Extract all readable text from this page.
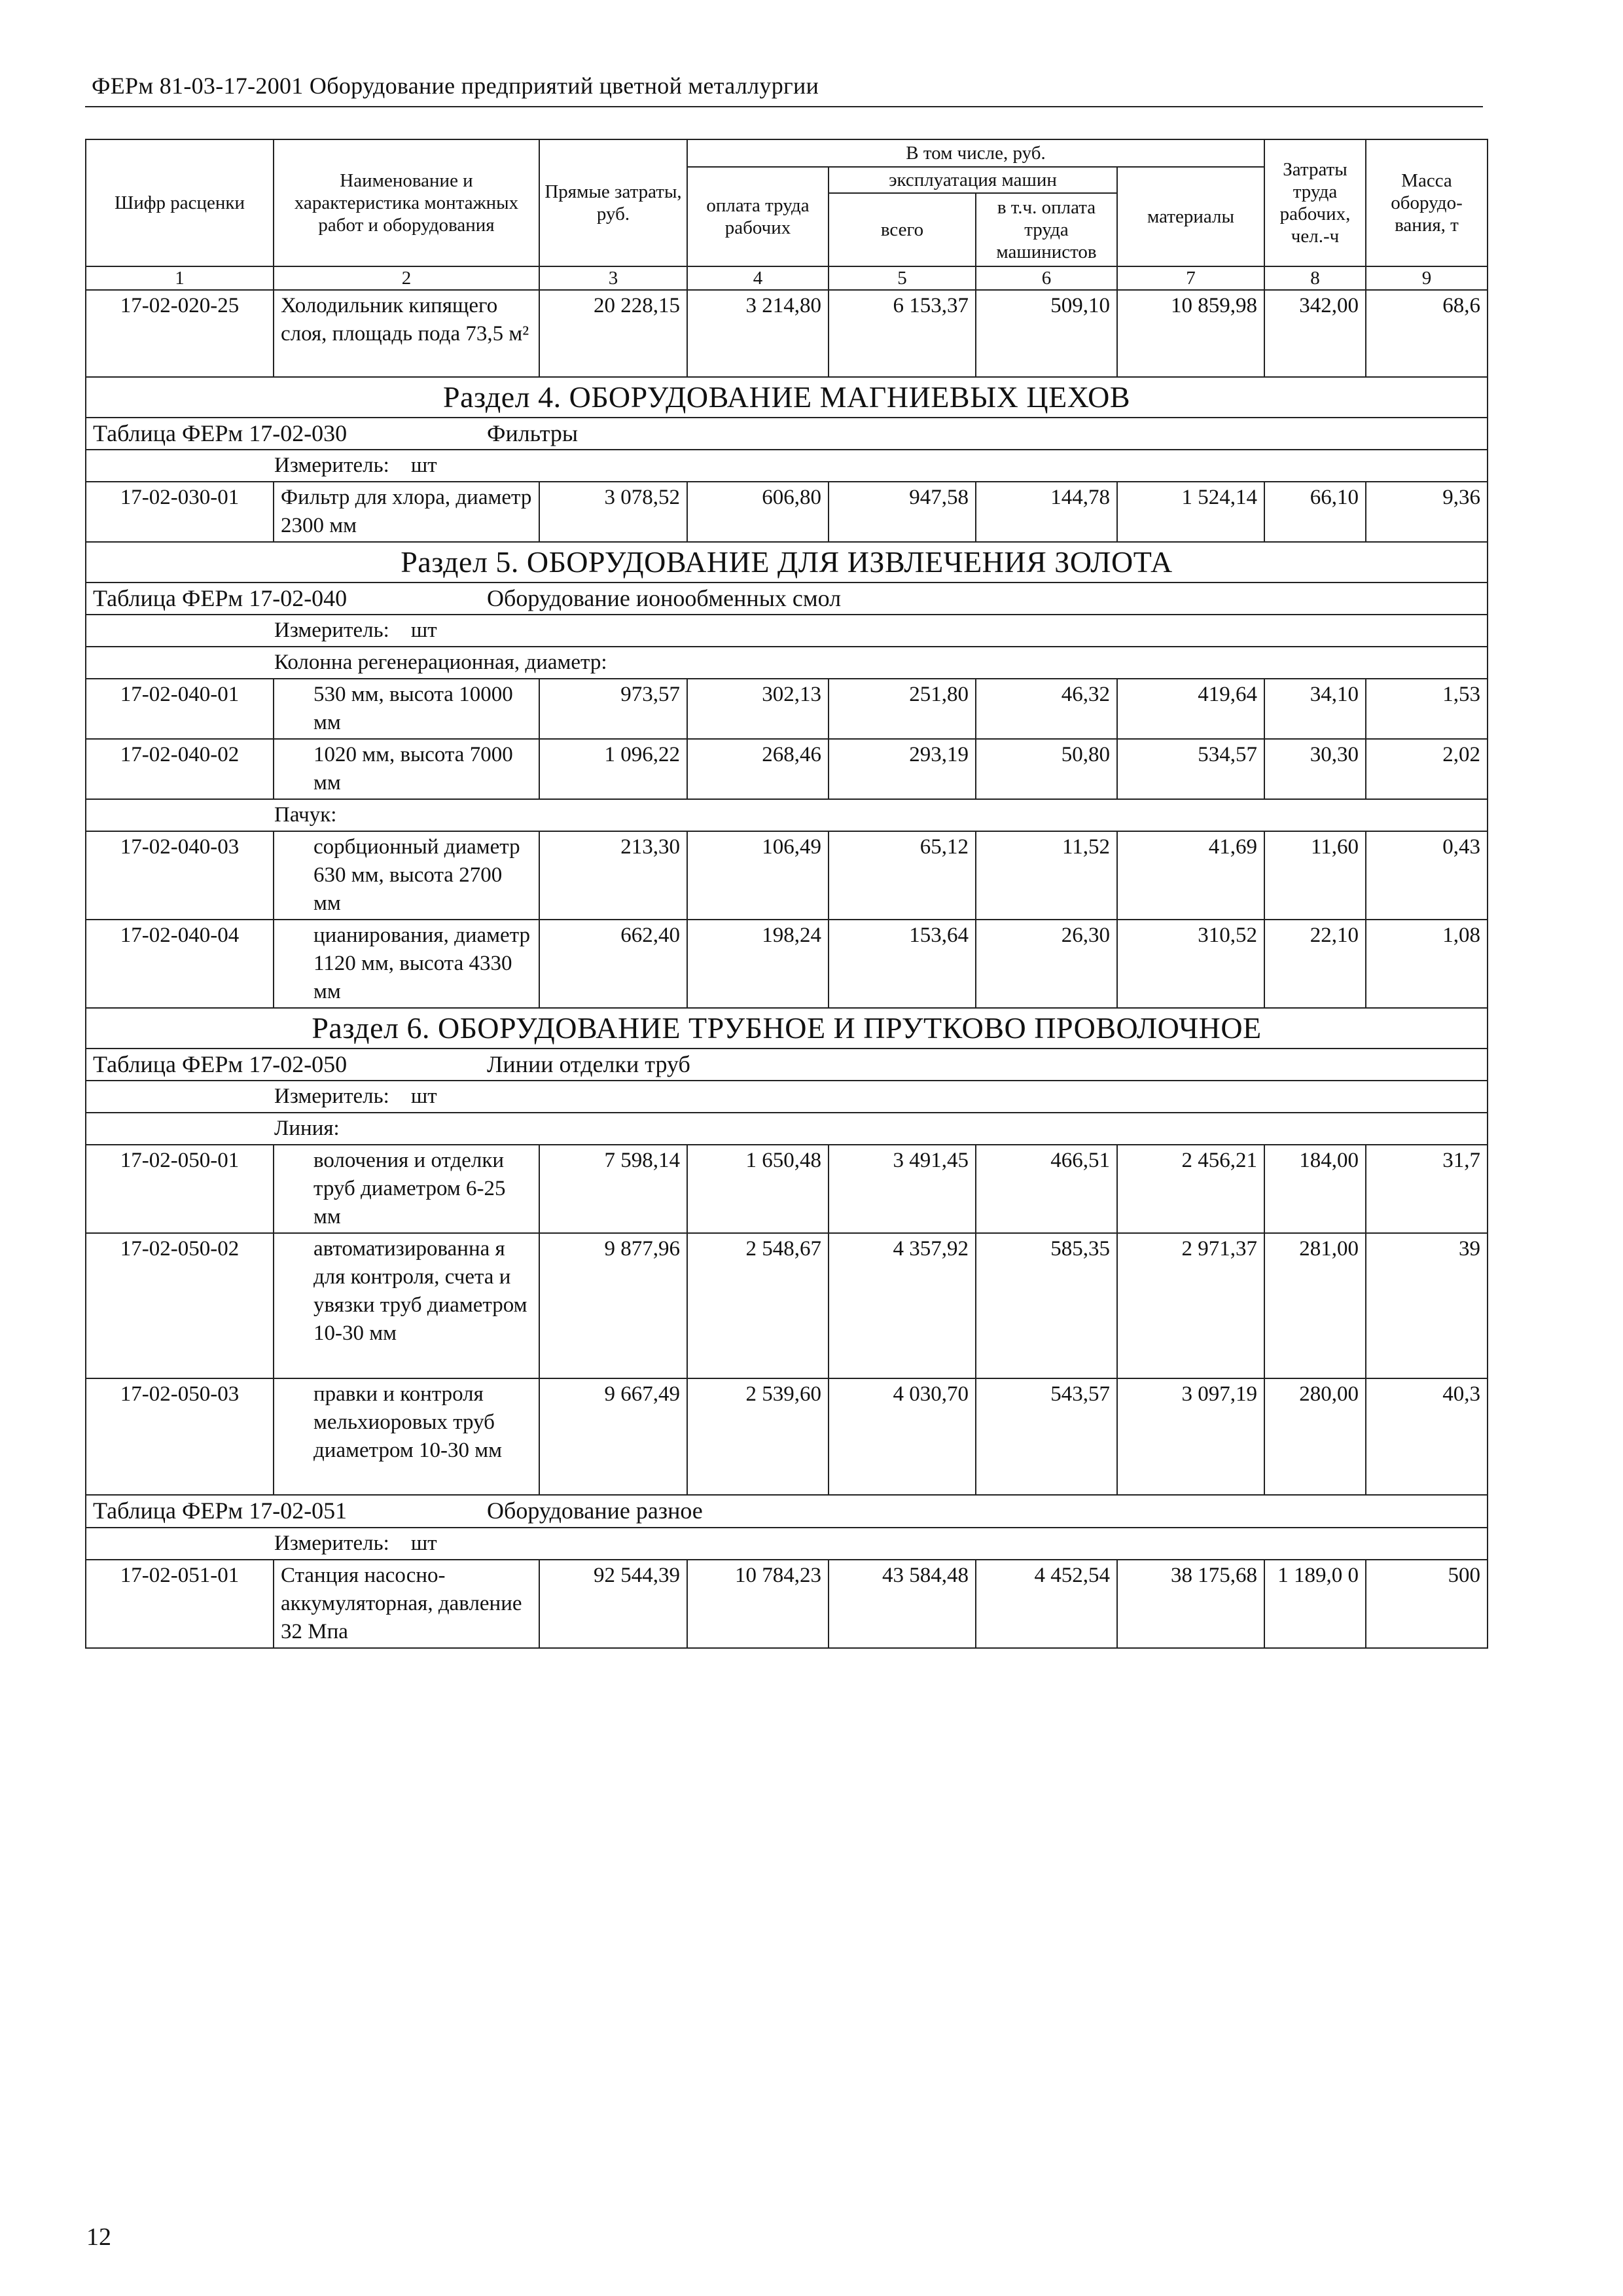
ФЕРм 81-03-17-2001 Оборудование предприятий цветной металлургии
Шифр расценки	Наименование и характеристика монтажных работ и оборудования	Прямые затраты, руб.	В том числе, руб.				Затраты труда рабочих, чел.-ч	Масса оборудо-вания, т
			оплата труда рабочих	эксплуатация машин		материалы		
				всего	в т.ч. оплата труда машинистов			
1	2	3	4	5	6	7	8	9
17-02-020-25	Холодильник кипящего слоя, площадь пода 73,5 м²	20 228,15	3 214,80	6 153,37	509,10	10 859,98	342,00	68,6
Раздел 4. ОБОРУДОВАНИЕ МАГНИЕВЫХ ЦЕХОВ								
Таблица ФЕРм 17-02-030 Фильтры								
Измеритель: шт								
17-02-030-01	Фильтр для хлора, диаметр 2300 мм	3 078,52	606,80	947,58	144,78	1 524,14	66,10	9,36
Раздел 5. ОБОРУДОВАНИЕ ДЛЯ ИЗВЛЕЧЕНИЯ ЗОЛОТА								
Таблица ФЕРм 17-02-040 Оборудование ионообменных смол								
Измеритель: шт								
Колонна регенерационная, диаметр:								
17-02-040-01	530 мм, высота 10000 мм	973,57	302,13	251,80	46,32	419,64	34,10	1,53
17-02-040-02	1020 мм, высота 7000 мм	1 096,22	268,46	293,19	50,80	534,57	30,30	2,02
Пачук:								
17-02-040-03	сорбционный диаметр 630 мм, высота 2700 мм	213,30	106,49	65,12	11,52	41,69	11,60	0,43
17-02-040-04	цианирования, диаметр 1120 мм, высота 4330 мм	662,40	198,24	153,64	26,30	310,52	22,10	1,08
Раздел 6. ОБОРУДОВАНИЕ ТРУБНОЕ И ПРУТКОВО ПРОВОЛОЧНОЕ								
Таблица ФЕРм 17-02-050 Линии отделки труб								
Измеритель: шт								
Линия:								
17-02-050-01	волочения и отделки труб диаметром 6-25 мм	7 598,14	1 650,48	3 491,45	466,51	2 456,21	184,00	31,7
17-02-050-02	автоматизированна я для контроля, счета и увязки труб диаметром 10-30 мм	9 877,96	2 548,67	4 357,92	585,35	2 971,37	281,00	39
17-02-050-03	правки и контроля мельхиоровых труб диаметром 10-30 мм	9 667,49	2 539,60	4 030,70	543,57	3 097,19	280,00	40,3
Таблица ФЕРм 17-02-051 Оборудование разное								
Измеритель: шт								
17-02-051-01	Станция насосно-аккумуляторная, давление 32 Мпа	92 544,39	10 784,23	43 584,48	4 452,54	38 175,68	1 189,0 0	500
12
